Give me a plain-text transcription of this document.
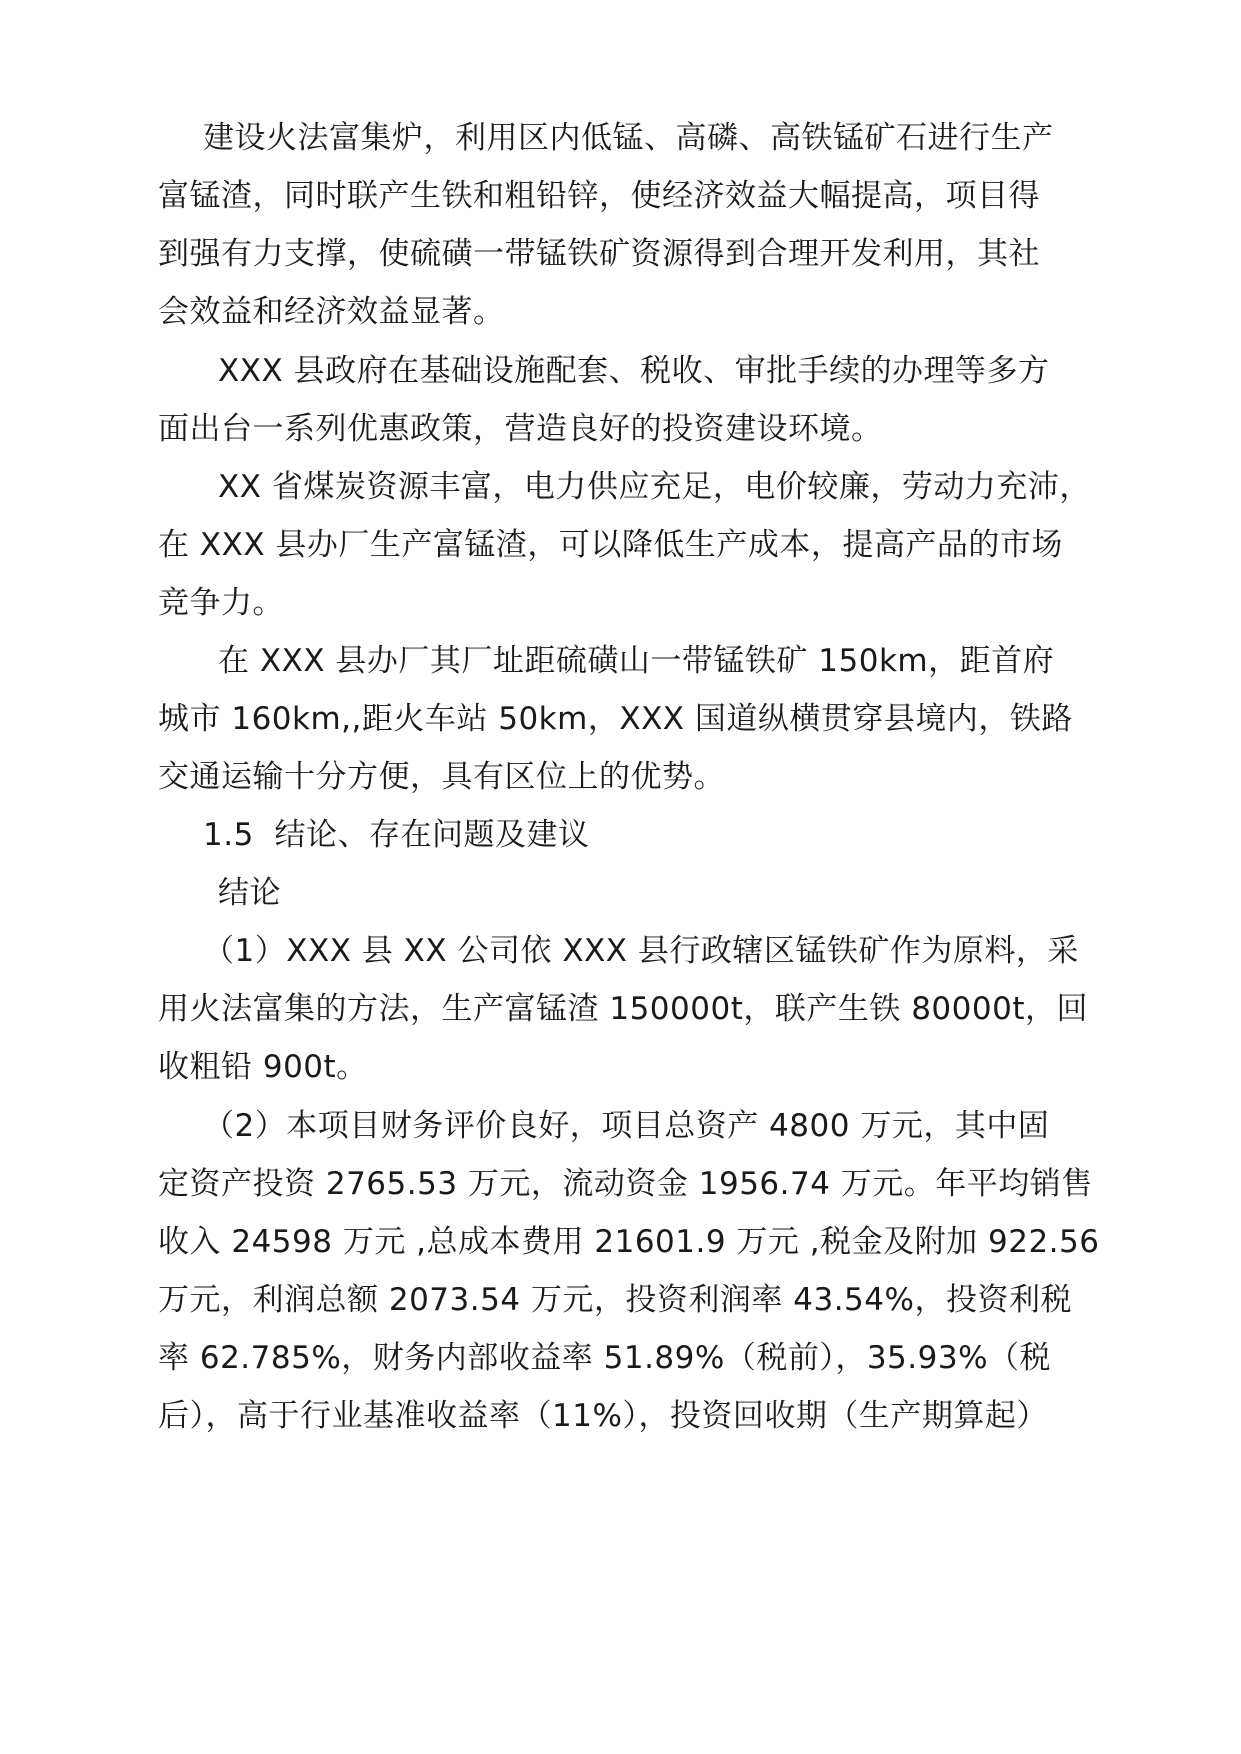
建设火法富集炉，利用区内低锰、高磷、高铁锰矿石进行生产
富锰渣，同时联产生铁和粗铅锌，使经济效益大幅提高，项目得
到强有力支撑，使硫磺一带锰铁矿资源得到合理开发利用，其社
会效益和经济效益显著。
XXX 县政府在基础设施配套、税收、审批手续的办理等多方
面出台一系列优惠政策，营造良好的投资建设环境。
XX 省煤炭资源丰富，电力供应充足，电价较廉，劳动力充沛，
在 XXX 县办厂生产富锰渣，可以降低生产成本，提高产品的市场
竞争力。
在 XXX 县办厂其厂址距硫磺山一带锰铁矿 150km，距首府
城市 160km,,距火车站 50km，XXX 国道纵横贯穿县境内，铁路
交通运输十分方便，具有区位上的优势。
1.5  结论、存在问题及建议
结论
（1）XXX 县 XX 公司依 XXX 县行政辖区锰铁矿作为原料，采
用火法富集的方法，生产富锰渣 150000t，联产生铁 80000t，回
收粗铅 900t。
（2）本项目财务评价良好，项目总资产 4800 万元，其中固
定资产投资 2765.53 万元，流动资金 1956.74 万元。年平均销售
收入 24598 万元 ,总成本费用 21601.9 万元 ,税金及附加 922.56
万元，利润总额 2073.54 万元，投资利润率 43.54%，投资利税
率 62.785%，财务内部收益率 51.89%（税前），35.93%（税
后），高于行业基准收益率（11%），投资回收期（生产期算起）
